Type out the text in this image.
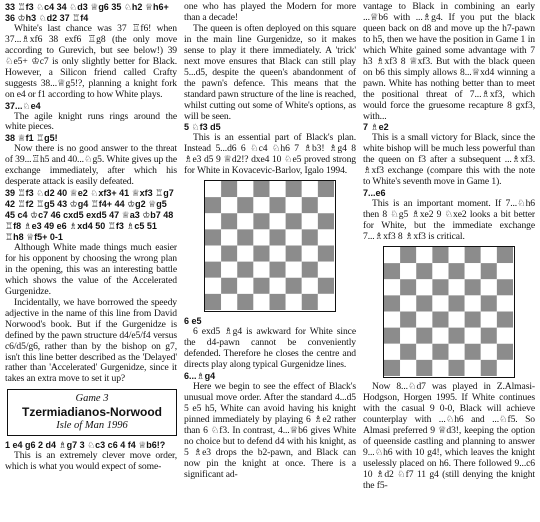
33 ♖f3 ♘c4 34 ♘d3 ♕g6 35 ♘h2 ♕h6+ 36 ♔h3 ♘d2 37 ♖f4

White's last chance was 37 ♖f6! when 37...♗xf6 38 exf6 ♖g8 (the only move according to Gurevich, but see below!) 39 ♘e5+ ♔c7 is only slightly better for Black. However, a Silicon friend called Crafty suggests 38...♕g5!?, planning a knight fork on e4 or f1 according to how White plays.

37...♘e4

The agile knight runs rings around the white pieces.

38 ♕f1 ♖g5!

Now there is no good answer to the threat of 39...♖h5 and 40...♘g5. White gives up the exchange immediately, after which his desperate attack is easily defeated.

39 ♖f3 ♘d2 40 ♕e2 ♘xf3+ 41 ♕xf3 ♖g7 42 ♖f2 ♖g5 43 ♔g4 ♖f4+ 44 ♔g2 ♕g5 45 c4 ♔c7 46 cxd5 exd5 47 ♕a3 ♔b7 48 ♖f8 ♗e3 49 e6 ♗xd4 50 ♖f3 ♗c5 51 ♖h8 ♕f5+ 0-1

Although White made things much easier for his opponent by choosing the wrong plan in the opening, this was an interesting battle which shows the value of the Accelerated Gurgenidze.

Incidentally, we have borrowed the speedy adjective in the name of this line from David Norwood's book. But if the Gurgenidze is defined by the pawn structure d4/e5/f4 versus c6/d5/g6, rather than by the bishop on g7, isn't this line better described as the 'Delayed' rather than 'Accelerated' Gurgenidze, since it takes an extra move to set it up?

Game 3
Tzermiadianos-Norwood
Isle of Man 1996

1 e4 g6 2 d4 ♗g7 3 ♘c3 c6 4 f4 ♕b6!?

This is an extremely clever move order, which is what you would expect of some-

one who has played the Modern for more than a decade!

The queen is often deployed on this square in the main line Gurgenidze, so it makes sense to play it there immediately. A 'trick' next move ensures that Black can still play 5...d5, despite the queen's abandonment of the pawn's defence. This means that the standard pawn structure of the line is reached, whilst cutting out some of White's options, as will be seen.

5 ♘f3 d5

This is an essential part of Black's plan. Instead 5...d6 6 ♘c4 ♘h6 7 ♗b3! ♗g4 8 ♗e3 d5 9 ♕d2!? dxe4 10 ♘e5 proved strong for White in Kovacevic-Barlov, Igalo 1994.

6 e5

6 exd5 ♗g4 is awkward for White since the d4-pawn cannot be conveniently defended. Therefore he closes the centre and directs play along typical Gurgenidze lines.

6...♗g4

Here we begin to see the effect of Black's unusual move order. After the standard 4...d5 5 e5 h5, White can avoid having his knight pinned immediately by playing 6 ♗e2 rather than 6 ♘f3. In contrast, 4...♕b6 gives White no choice but to defend d4 with his knight, as 5 ♗e3 drops the b2-pawn, and Black can now pin the knight at once. There is a significant ad-

vantage to Black in combining an early ...♕b6 with ...♗g4. If you put the black queen back on d8 and move up the h7-pawn to h5, then we have the position in Game 1 in which White gained some advantage with 7 h3 ♗xf3 8 ♕xf3. But with the black queen on b6 this simply allows 8...♕xd4 winning a pawn. White has nothing better than to meet the positional threat of 7...♗xf3, which would force the gruesome recapture 8 gxf3, with...

7 ♗e2

This is a small victory for Black, since the white bishop will be much less powerful than the queen on f3 after a subsequent ...♗xf3. ♗xf3 exchange (compare this with the note to White's seventh move in Game 1).

7...e6

This is an important moment. If 7...♘h6 then 8 ♘g5 ♗xe2 9 ♘xe2 looks a bit better for White, but the immediate exchange 7...♗xf3 8 ♗xf3 is critical.

Now 8...♘d7 was played in Z.Almasi-Hodgson, Horgen 1995. If White continues with the casual 9 0-0, Black will achieve counterplay with ...♘h6 and ...♘f5. So Almasi preferred 9 ♕d3!, keeping the option of queenside castling and planning to answer 9...♘h6 with 10 g4!, which leaves the knight uselessly placed on h6. There followed 9...c6 10 ♗d2 ♘f7 11 g4 (still denying the knight the f5-
